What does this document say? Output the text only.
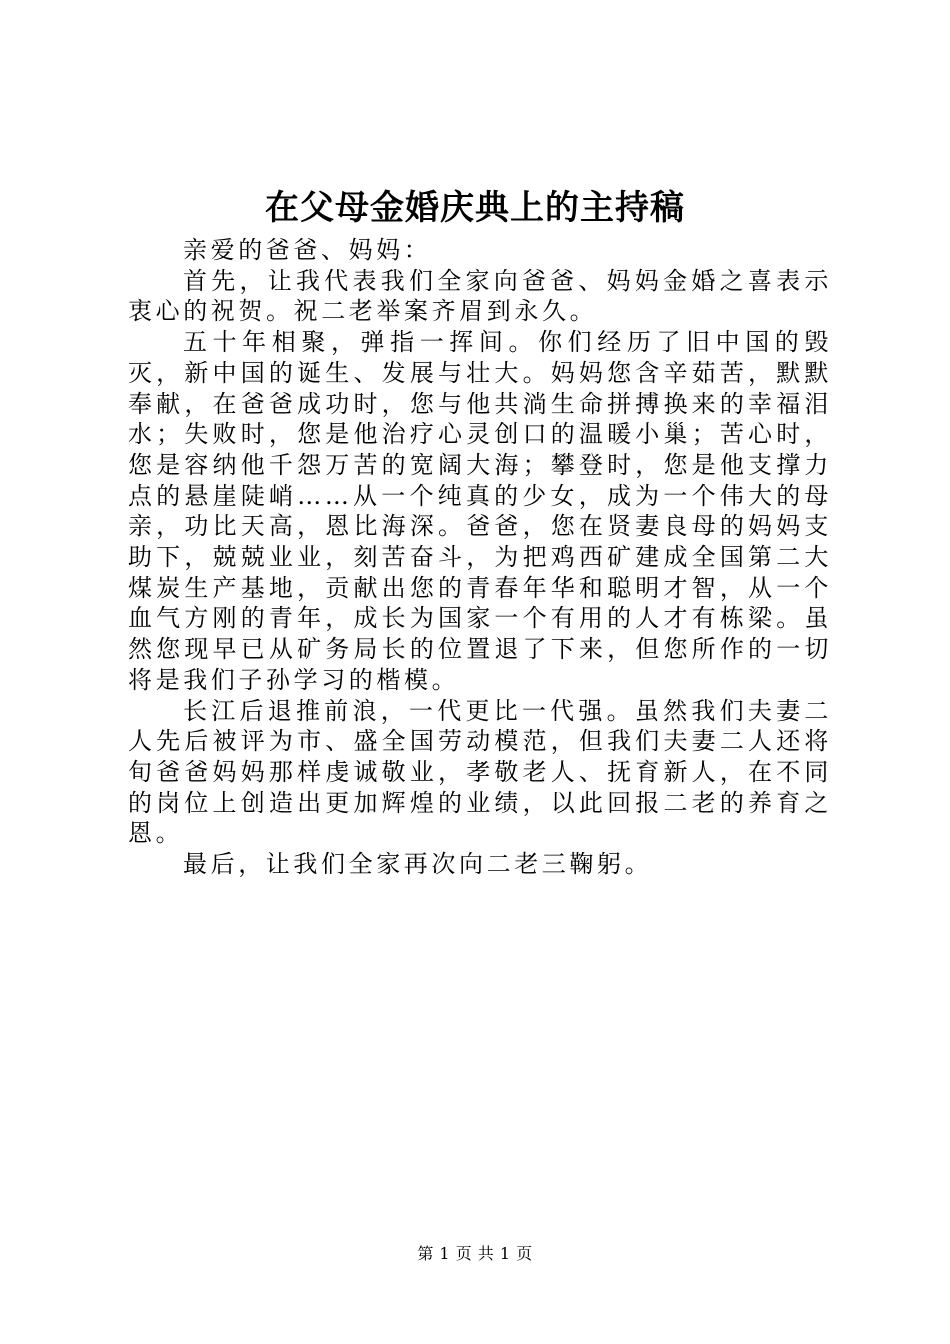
在父母金婚庆典上的主持稿

亲爱的爸爸、妈妈：

首先，让我代表我们全家向爸爸、妈妈金婚之喜表示衷心的祝贺。祝二老举案齐眉到永久。

五十年相聚，弹指一挥间。你们经历了旧中国的毁灭，新中国的诞生、发展与壮大。妈妈您含辛茹苦，默默奉献，在爸爸成功时，您与他共淌生命拼搏换来的幸福泪水；失败时，您是他治疗心灵创口的温暖小巢；苦心时，您是容纳他千怨万苦的宽阔大海；攀登时，您是他支撑力点的悬崖陡峭……从一个纯真的少女，成为一个伟大的母亲，功比天高，恩比海深。爸爸，您在贤妻良母的妈妈支助下，兢兢业业，刻苦奋斗，为把鸡西矿建成全国第二大煤炭生产基地，贡献出您的青春年华和聪明才智，从一个血气方刚的青年，成长为国家一个有用的人才有栋梁。虽然您现早已从矿务局长的位置退了下来，但您所作的一切将是我们子孙学习的楷模。

长江后退推前浪，一代更比一代强。虽然我们夫妻二人先后被评为市、盛全国劳动模范，但我们夫妻二人还将旬爸爸妈妈那样虔诚敬业，孝敬老人、抚育新人，在不同的岗位上创造出更加辉煌的业绩，以此回报二老的养育之恩。

最后，让我们全家再次向二老三鞠躬。

第 1 页 共 1 页
